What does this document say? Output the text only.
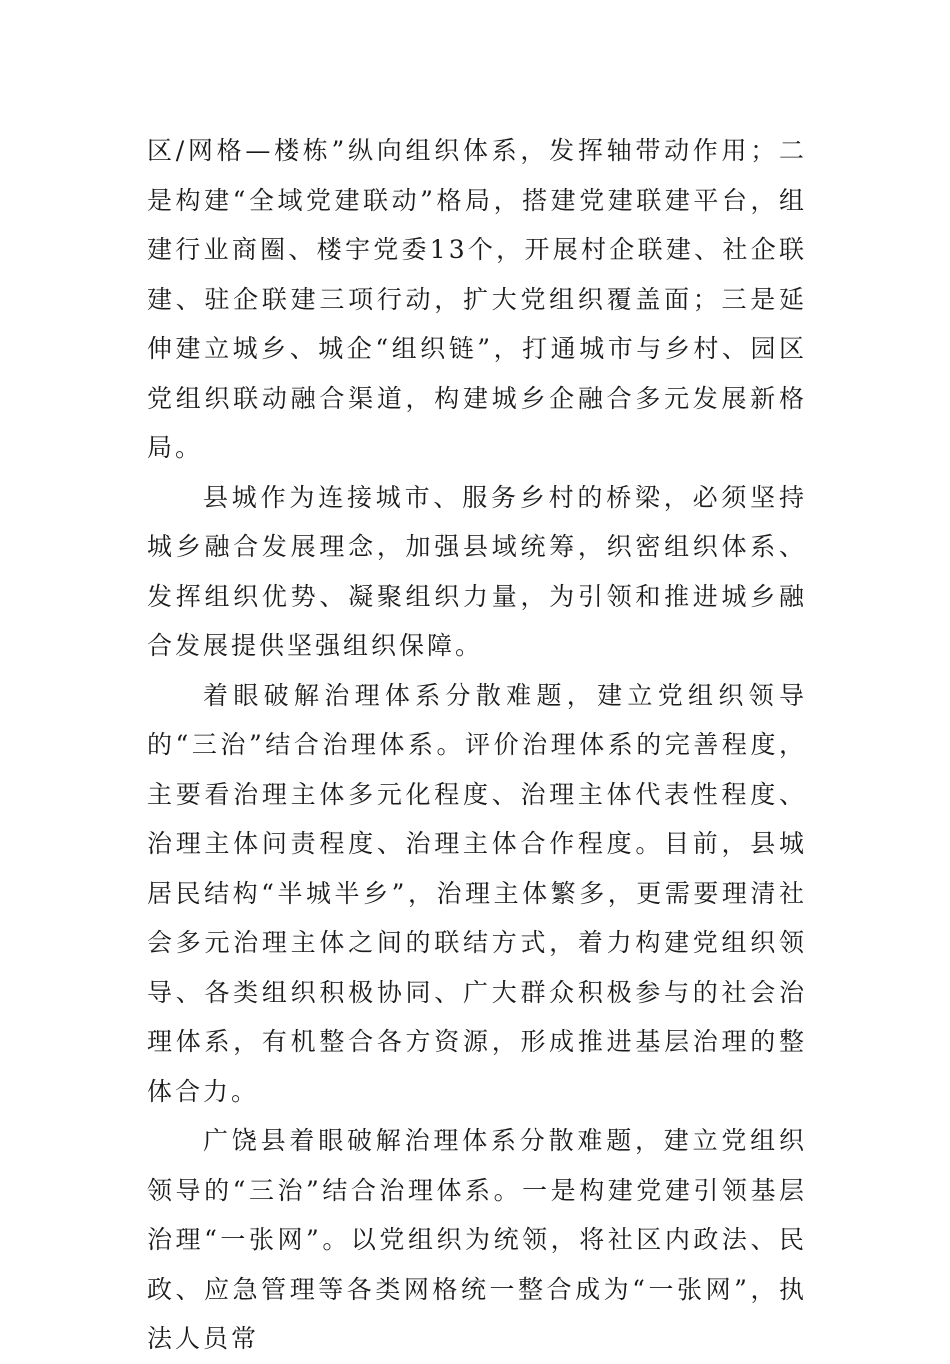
区/网格—楼栋”纵向组织体系，发挥轴带动作用；二是构建“全域党建联动”格局，搭建党建联建平台，组建行业商圈、楼宇党委13个，开展村企联建、社企联建、驻企联建三项行动，扩大党组织覆盖面；三是延伸建立城乡、城企“组织链”，打通城市与乡村、园区党组织联动融合渠道，构建城乡企融合多元发展新格局。

县城作为连接城市、服务乡村的桥梁，必须坚持城乡融合发展理念，加强县域统筹，织密组织体系、发挥组织优势、凝聚组织力量，为引领和推进城乡融合发展提供坚强组织保障。

着眼破解治理体系分散难题，建立党组织领导的“三治”结合治理体系。评价治理体系的完善程度，主要看治理主体多元化程度、治理主体代表性程度、治理主体问责程度、治理主体合作程度。目前，县城居民结构“半城半乡”，治理主体繁多，更需要理清社会多元治理主体之间的联结方式，着力构建党组织领导、各类组织积极协同、广大群众积极参与的社会治理体系，有机整合各方资源，形成推进基层治理的整体合力。

广饶县着眼破解治理体系分散难题，建立党组织领导的“三治”结合治理体系。一是构建党建引领基层治理“一张网”。以党组织为统领，将社区内政法、民政、应急管理等各类网格统一整合成为“一张网”，执法人员常
